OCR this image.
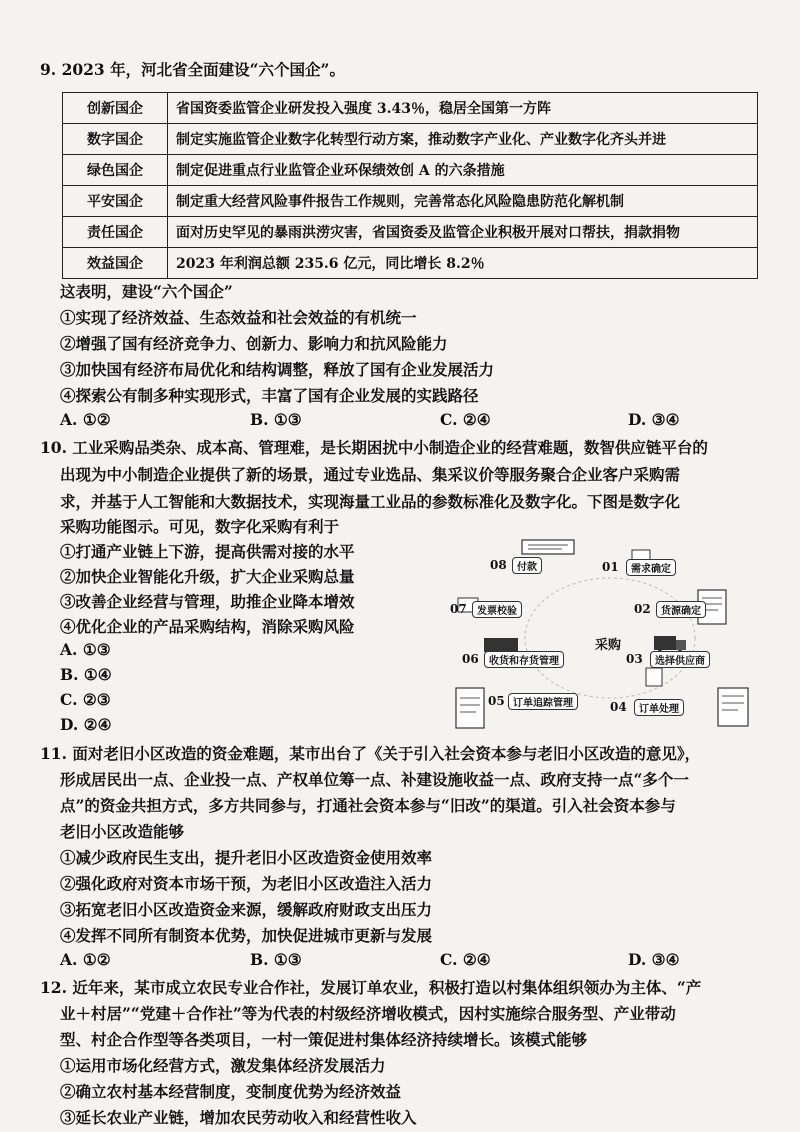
9. 2023 年，河北省全面建设“六个国企”。
创新国企	省国资委监管企业研发投入强度 3.43％，稳居全国第一方阵
数字国企	制定实施监管企业数字化转型行动方案，推动数字产业化、产业数字化齐头并进
绿色国企	制定促进重点行业监管企业环保绩效创 A 的六条措施
平安国企	制定重大经营风险事件报告工作规则，完善常态化风险隐患防范化解机制
责任国企	面对历史罕见的暴雨洪涝灾害，省国资委及监管企业积极开展对口帮扶，捐款捐物
效益国企	2023 年利润总额 235.6 亿元，同比增长 8.2％
这表明，建设“六个国企”
①实现了经济效益、生态效益和社会效益的有机统一
②增强了国有经济竞争力、创新力、影响力和抗风险能力
③加快国有经济布局优化和结构调整，释放了国有企业发展活力
④探索公有制多种实现形式，丰富了国有企业发展的实践路径
A. ①②	B. ①③	C. ②④	D. ③④
10. 工业采购品类杂、成本高、管理难，是长期困扰中小制造企业的经营难题，数智供应链平台的
出现为中小制造企业提供了新的场景，通过专业选品、集采议价等服务聚合企业客户采购需
求，并基于人工智能和大数据技术，实现海量工业品的参数标准化及数字化。下图是数字化
采购功能图示。可见，数字化采购有利于
①打通产业链上下游，提高供需对接的水平
②加快企业智能化升级，扩大企业采购总量
③改善企业经营与管理，助推企业降本增效
④优化企业的产品采购结构，消除采购风险
A. ①③
B. ①④
C. ②③
D. ②④
采购
08	付款	01	需求确定
07	发票校验	02	货源确定
06	收货和存货管理	03	选择供应商
05 订单追踪管理	04	订单处理
11. 面对老旧小区改造的资金难题，某市出台了《关于引入社会资本参与老旧小区改造的意见》，
形成居民出一点、企业投一点、产权单位筹一点、补建设施收益一点、政府支持一点“多个一
点”的资金共担方式，多方共同参与，打通社会资本参与“旧改”的渠道。引入社会资本参与
老旧小区改造能够
①减少政府民生支出，提升老旧小区改造资金使用效率
②强化政府对资本市场干预，为老旧小区改造注入活力
③拓宽老旧小区改造资金来源，缓解政府财政支出压力
④发挥不同所有制资本优势，加快促进城市更新与发展
A. ①②	B. ①③	C. ②④	D. ③④
12. 近年来，某市成立农民专业合作社，发展订单农业，积极打造以村集体组织领办为主体、“产
业＋村居”“党建＋合作社”等为代表的村级经济增收模式，因村实施综合服务型、产业带动
型、村企合作型等各类项目，一村一策促进村集体经济持续增长。该模式能够
①运用市场化经营方式，激发集体经济发展活力
②确立农村基本经营制度，变制度优势为经济效益
③延长农业产业链，增加农民劳动收入和经营性收入
